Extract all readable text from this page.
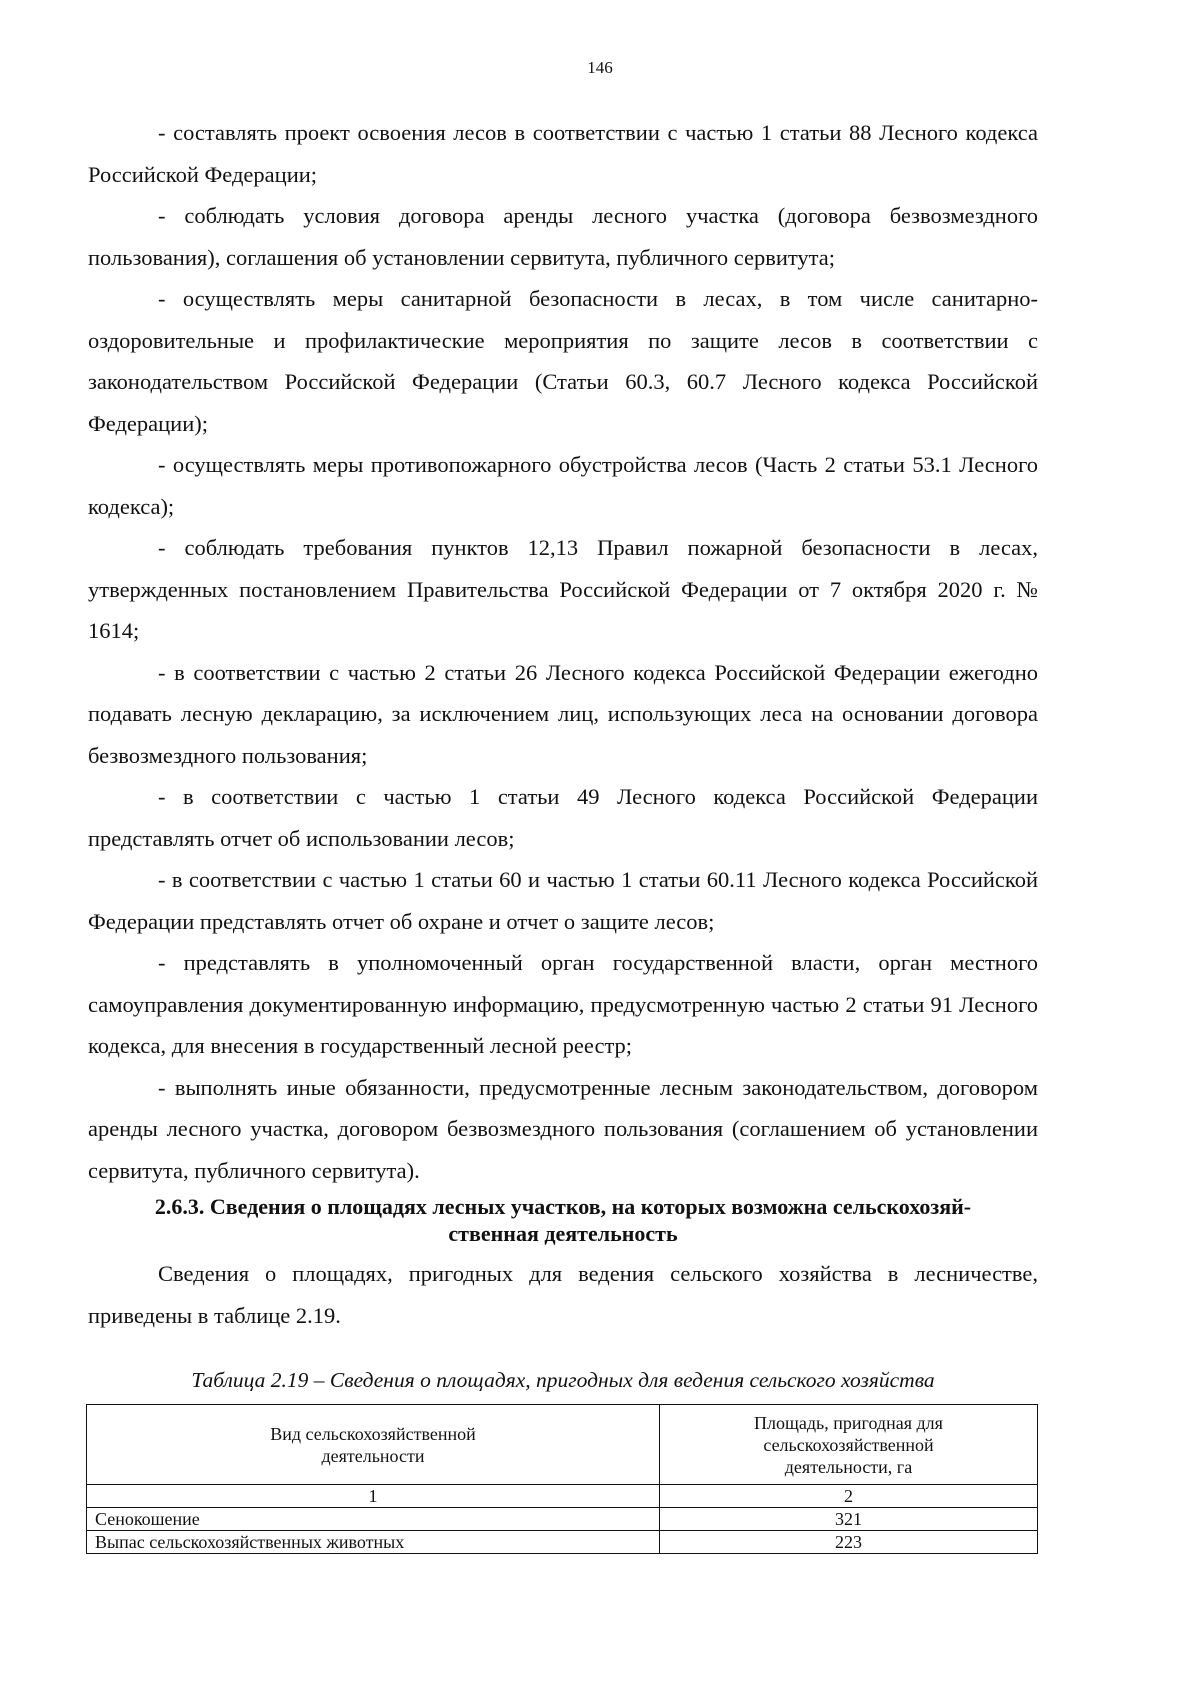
146

- составлять проект освоения лесов в соответствии с частью 1 статьи 88 Лесного кодекса Российской Федерации;

- соблюдать условия договора аренды лесного участка (договора безвозмездного пользования), соглашения об установлении сервитута, публичного сервитута;

- осуществлять меры санитарной безопасности в лесах, в том числе санитарно-оздоровительные и профилактические мероприятия по защите лесов в соответствии с законодательством Российской Федерации (Статьи 60.3, 60.7 Лесного кодекса Российской Федерации);

- осуществлять меры противопожарного обустройства лесов (Часть 2 статьи 53.1 Лесного кодекса);

- соблюдать требования пунктов 12,13 Правил пожарной безопасности в лесах, утвержденных постановлением Правительства Российской Федерации от 7 октября 2020 г. № 1614;

- в соответствии с частью 2 статьи 26 Лесного кодекса Российской Федерации ежегодно подавать лесную декларацию, за исключением лиц, использующих леса на основании договора безвозмездного пользования;

- в соответствии с частью 1 статьи 49 Лесного кодекса Российской Федерации представлять отчет об использовании лесов;

- в соответствии с частью 1 статьи 60 и частью 1 статьи 60.11 Лесного кодекса Российской Федерации представлять отчет об охране и отчет о защите лесов;

- представлять в уполномоченный орган государственной власти, орган местного самоуправления документированную информацию, предусмотренную частью 2 статьи 91 Лесного кодекса, для внесения в государственный лесной реестр;

- выполнять иные обязанности, предусмотренные лесным законодательством, договором аренды лесного участка, договором безвозмездного пользования (соглашением об установлении сервитута, публичного сервитута).

2.6.3. Сведения о площадях лесных участков, на которых возможна сельскохозяй-
ственная деятельность

Сведения о площадях, пригодных для ведения сельского хозяйства в лесничестве, приведены в таблице 2.19.

Таблица 2.19 – Сведения о площадях, пригодных для ведения сельского хозяйства
Вид сельскохозяйственной деятельности	Площадь, пригодная для сельскохозяйственной деятельности, га

1	2
Сенокошение	321
Выпас сельскохозяйственных животных	223
